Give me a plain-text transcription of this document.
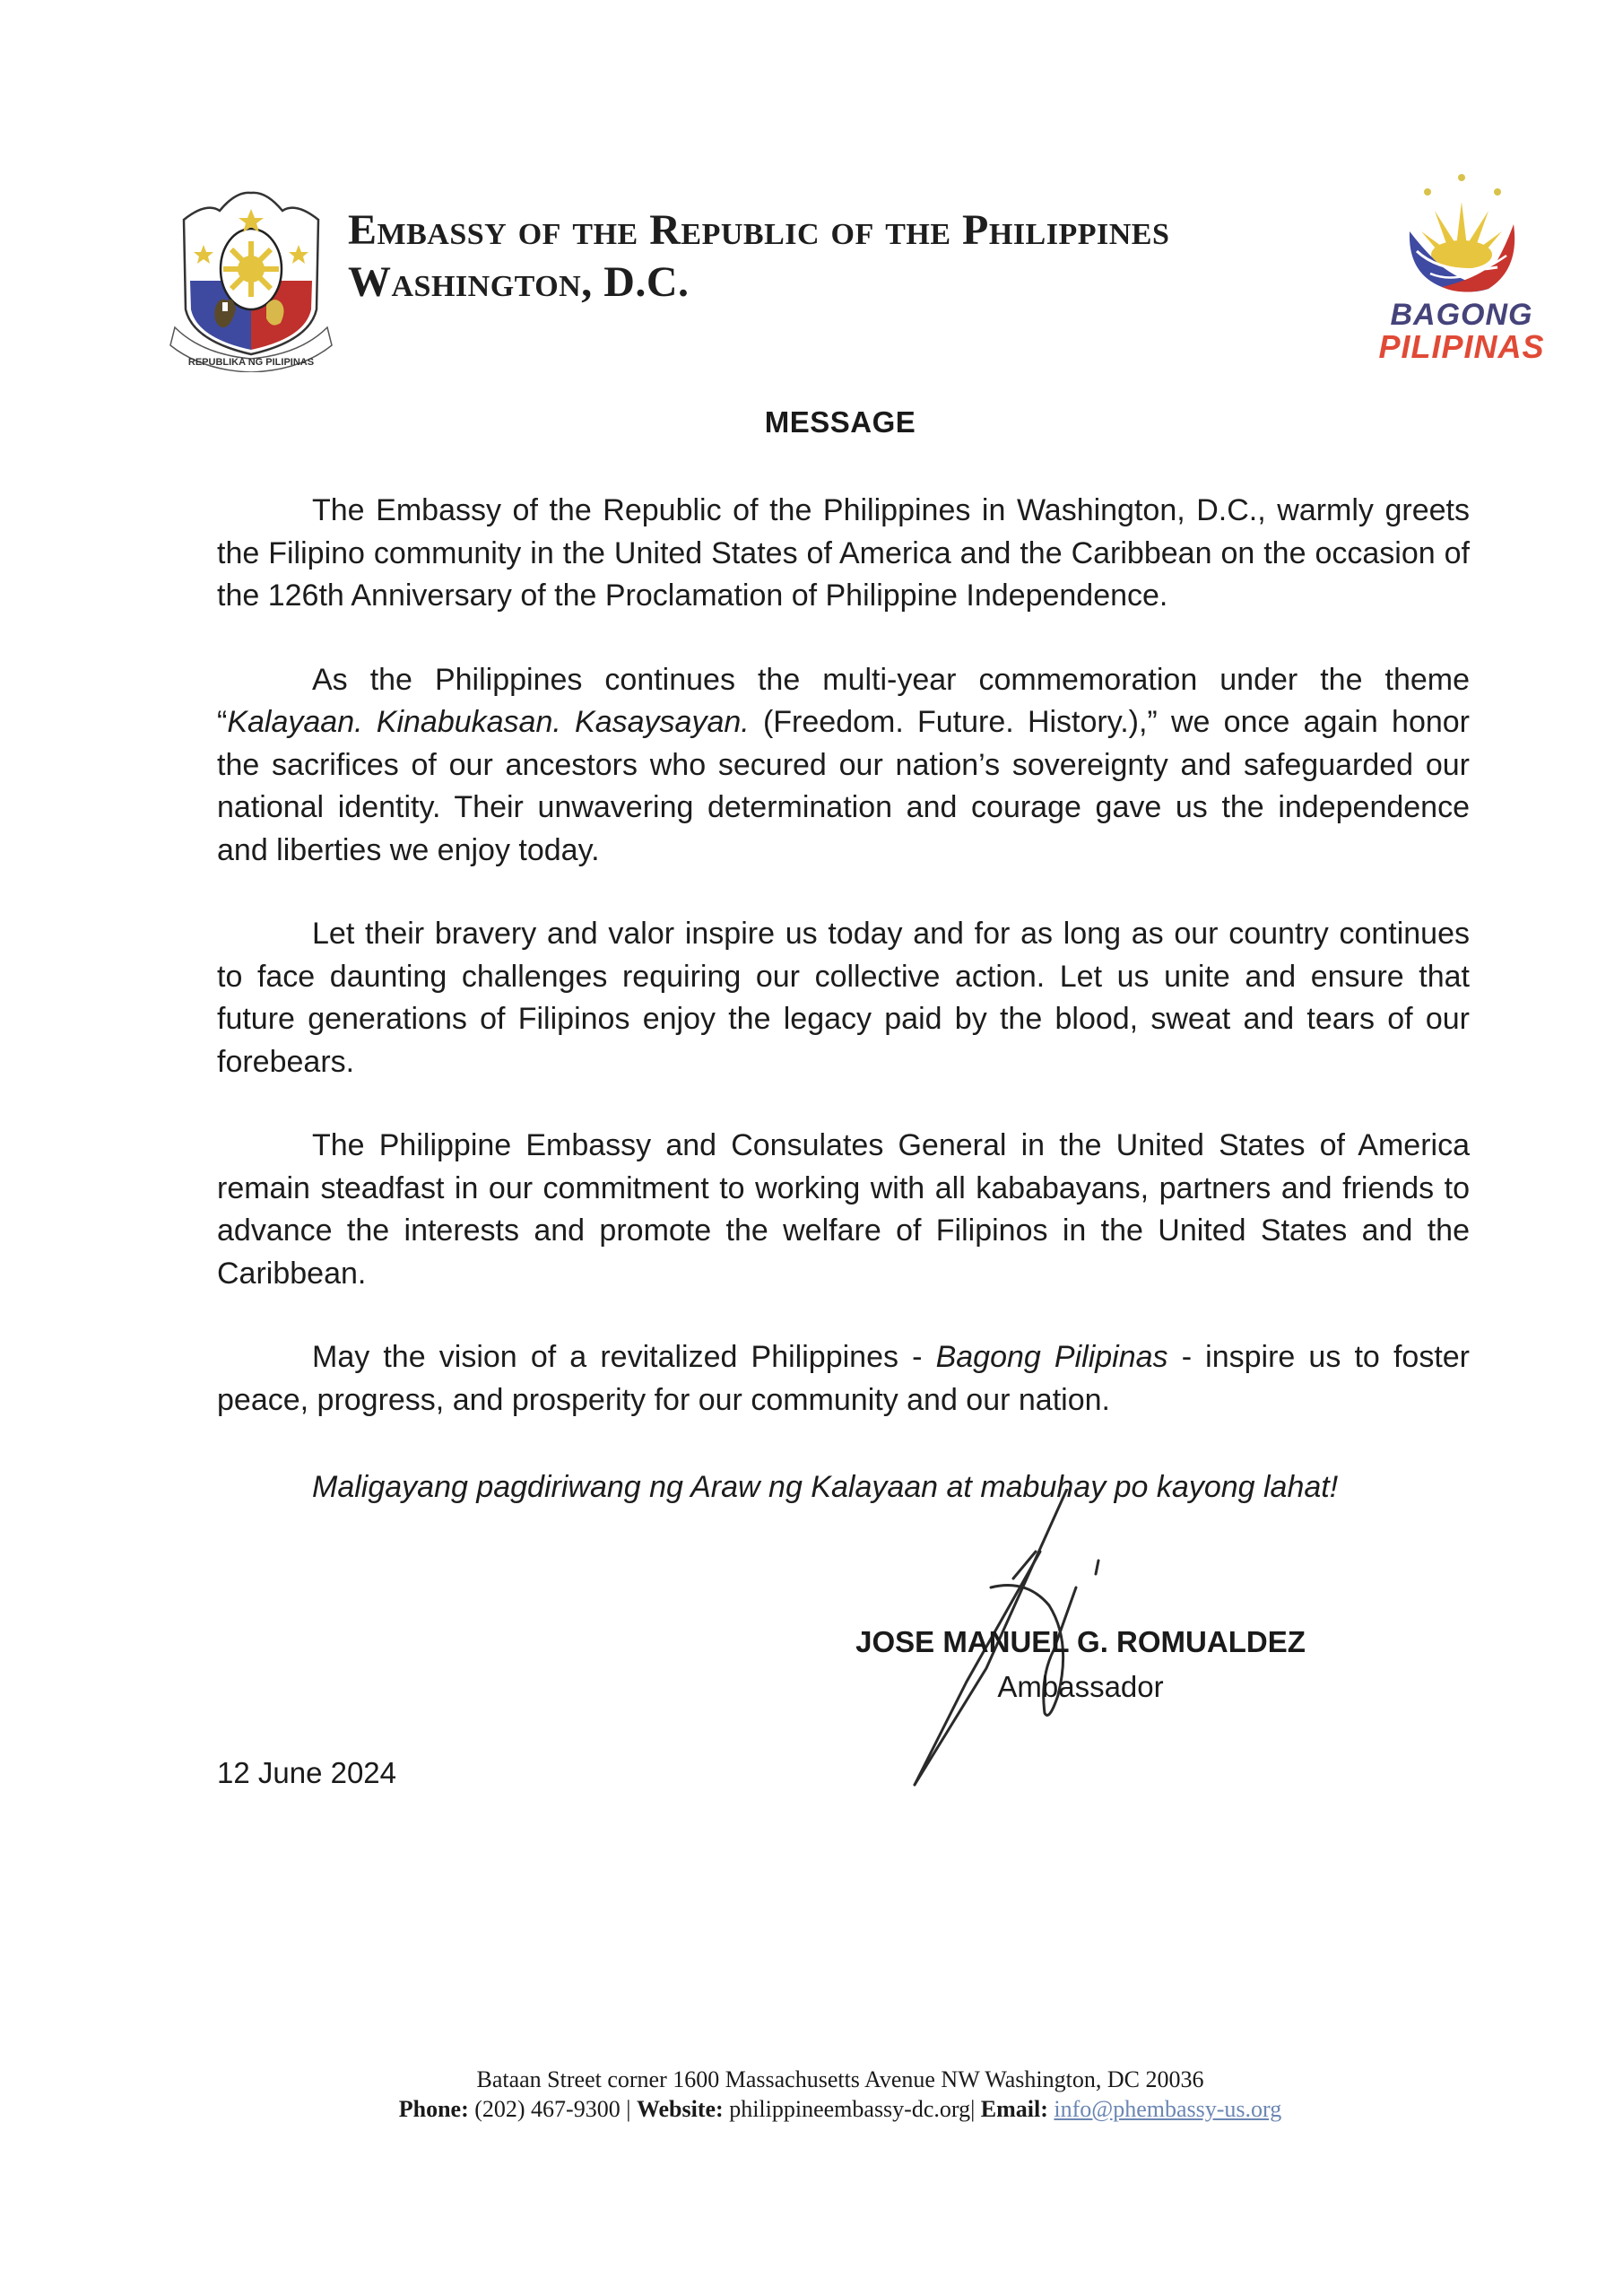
REPUBLIKA NG PILIPINAS
Embassy of the Republic of the Philippines
Washington, D.C.
BAGONG
PILIPINAS
MESSAGE

The Embassy of the Republic of the Philippines in Washington, D.C., warmly greets the Filipino community in the United States of America and the Caribbean on the occasion of the 126th Anniversary of the Proclamation of Philippine Independence.

As the Philippines continues the multi-year commemoration under the theme “Kalayaan. Kinabukasan. Kasaysayan. (Freedom. Future. History.),” we once again honor the sacrifices of our ancestors who secured our nation’s sovereignty and safeguarded our national identity. Their unwavering determination and courage gave us the independence and liberties we enjoy today.

Let their bravery and valor inspire us today and for as long as our country continues to face daunting challenges requiring our collective action. Let us unite and ensure that future generations of Filipinos enjoy the legacy paid by the blood, sweat and tears of our forebears.

The Philippine Embassy and Consulates General in the United States of America remain steadfast in our commitment to working with all kababayans, partners and friends to advance the interests and promote the welfare of Filipinos in the United States and the Caribbean.

May the vision of a revitalized Philippines - Bagong Pilipinas - inspire us to foster peace, progress, and prosperity for our community and our nation.

Maligayang pagdiriwang ng Araw ng Kalayaan at mabuhay po kayong lahat!

JOSE MANUEL G. ROMUALDEZ
Ambassador
12 June 2024
Bataan Street corner 1600 Massachusetts Avenue NW Washington, DC 20036
Phone: (202) 467-9300 | Website: philippineembassy-dc.org| Email: info@phembassy-us.org
